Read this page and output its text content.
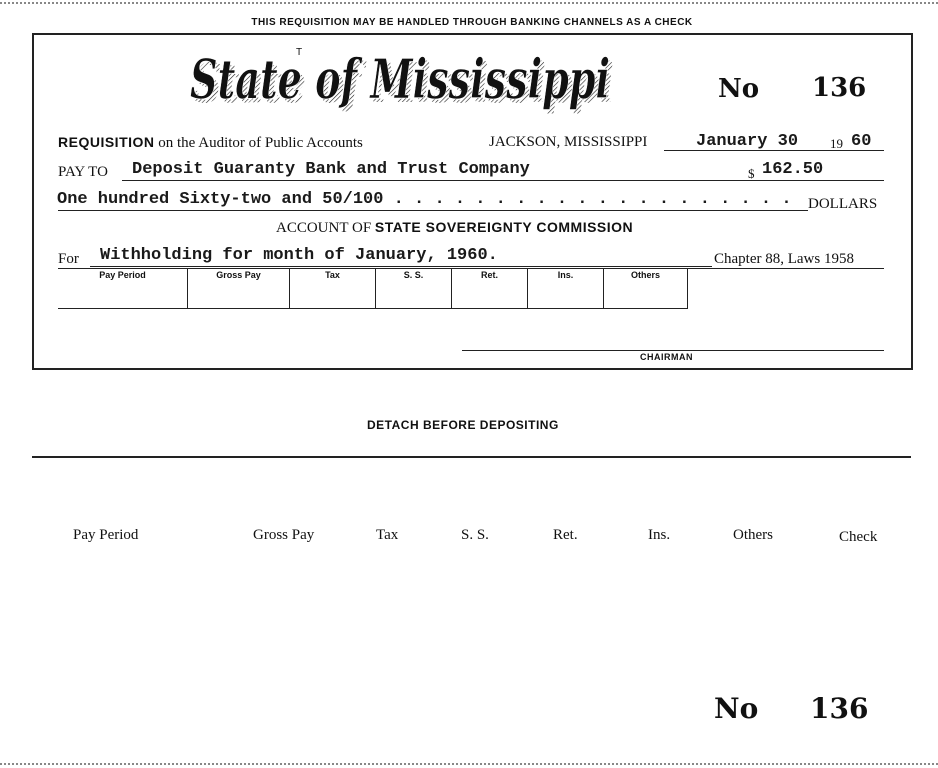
THIS REQUISITION MAY BE HANDLED THROUGH BANKING CHANNELS AS A CHECK
T
State of Mississippi
State of Mississippi	No 136
REQUISITION on the Auditor of Public Accounts	JACKSON, MISSISSIPPI	January 30 19 60
PAY TO Deposit Guaranty Bank and Trust Company	$ 162.50
One hundred Sixty-two and 50/100 . . . . . . . . . . . . . . . . . . . .	DOLLARS
ACCOUNT OF STATE SOVEREIGNTY COMMISSION
For Withholding for month of January, 1960.	Chapter 88, Laws 1958
Pay Period	Gross Pay	Tax	S. S.	Ret.	Ins.	Others
CHAIRMAN
DETACH BEFORE DEPOSITING
Pay Period	Gross Pay	Tax	S. S.	Ret.	Ins.	Others	Check
No 136
